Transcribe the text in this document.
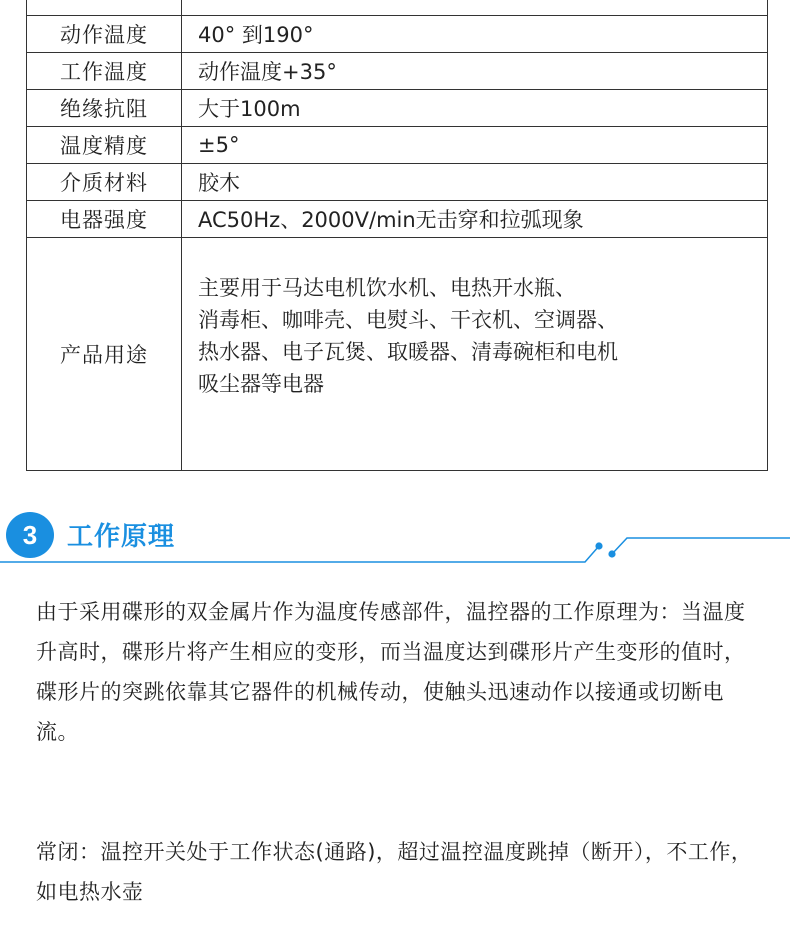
动作温度	40° 到190°
工作温度	动作温度+35°
绝缘抗阻	大于100m
温度精度	±5°
介质材料	胶木
电器强度	AC50Hz、2000V/min无击穿和拉弧现象
产品用途	主要用于马达电机饮水机、电热开水瓶、
消毒柜、咖啡壳、电熨斗、干衣机、空调器、
热水器、电子瓦煲、取暖器、清毒碗柜和电机
吸尘器等电器
3	工作原理
由于采用碟形的双金属片作为温度传感部件，温控器的工作原理为：当温度升高时，碟形片将产生相应的变形，而当温度达到碟形片产生变形的值时，碟形片的突跳依靠其它器件的机械传动，使触头迅速动作以接通或切断电流。
常闭：温控开关处于工作状态(通路)，超过温控温度跳掉（断开），不工作，如电热水壶
